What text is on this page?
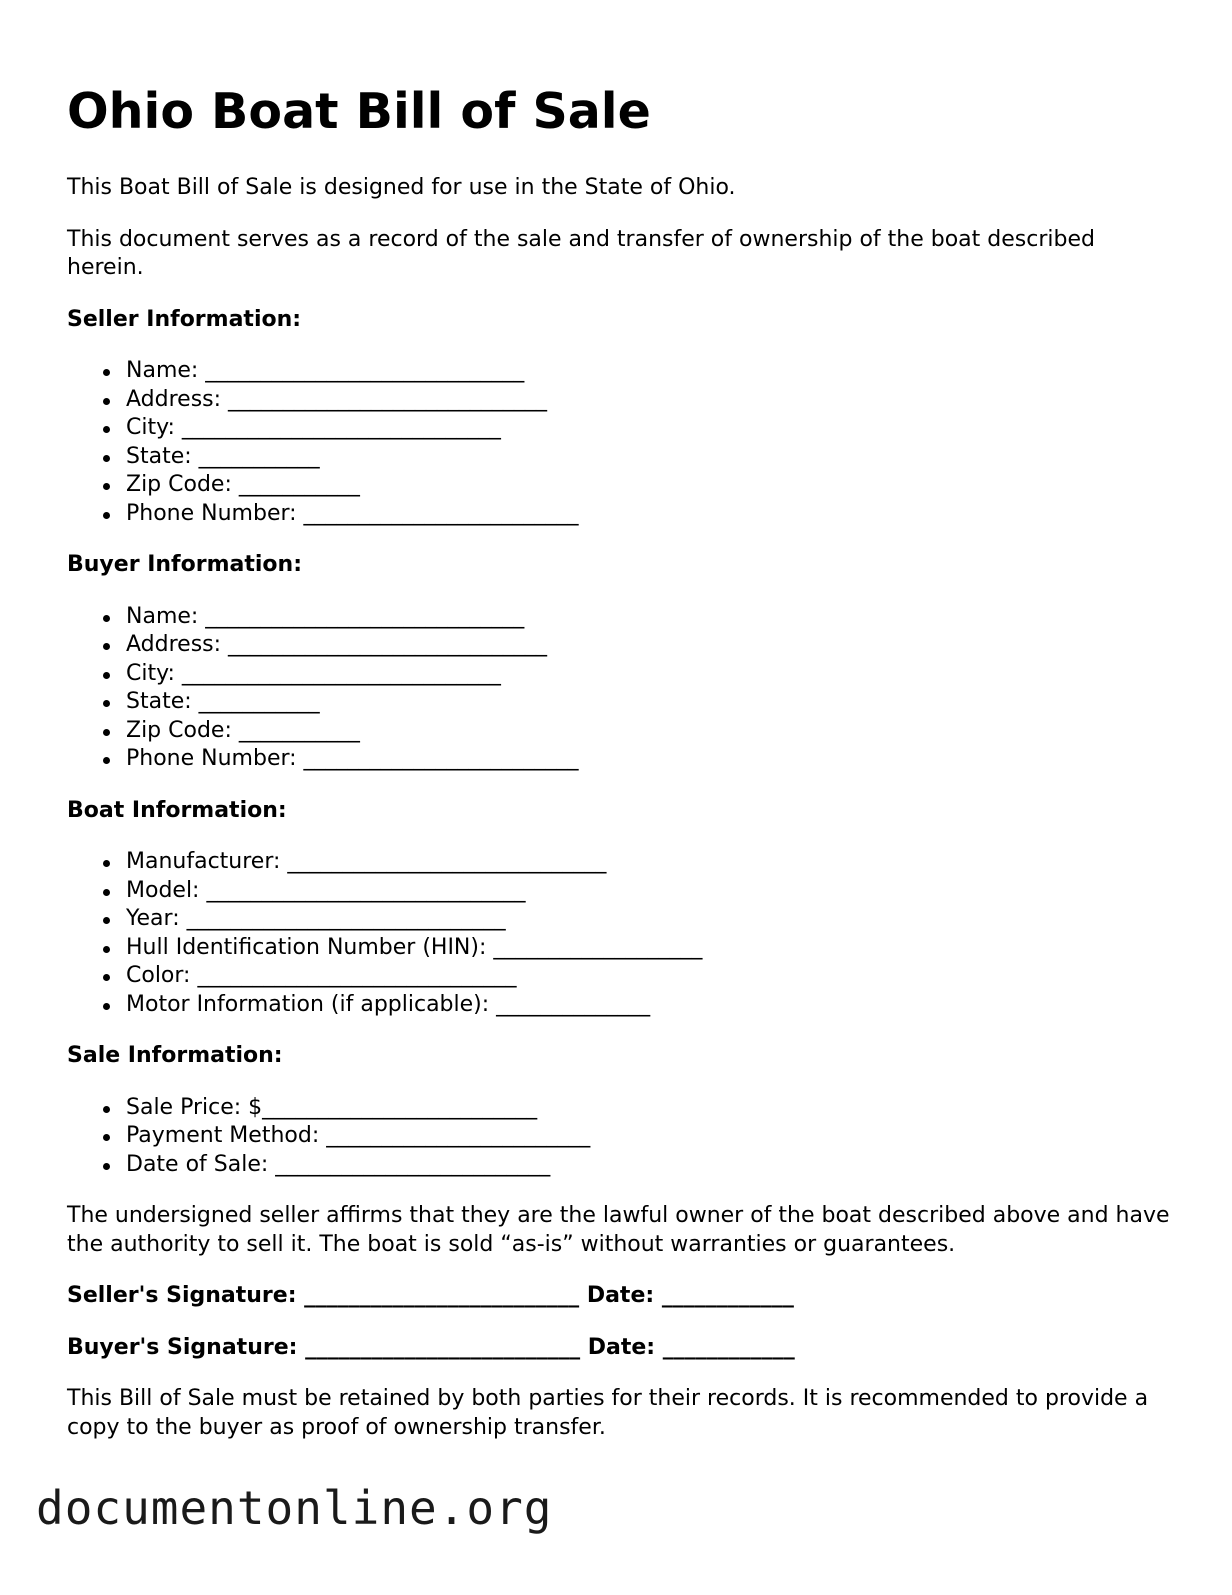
Ohio Boat Bill of Sale

This Boat Bill of Sale is designed for use in the State of Ohio.

This document serves as a record of the sale and transfer of ownership of the boat described herein.

Seller Information:
Name: _____________________________
Address: _____________________________
City: _____________________________
State: ___________
Zip Code: ___________
Phone Number: _________________________
Buyer Information:
Name: _____________________________
Address: _____________________________
City: _____________________________
State: ___________
Zip Code: ___________
Phone Number: _________________________
Boat Information:
Manufacturer: _____________________________
Model: _____________________________
Year: _____________________________
Hull Identification Number (HIN): ___________________
Color: _____________________________
Motor Information (if applicable): ______________
Sale Information:
Sale Price: $_________________________
Payment Method: ________________________
Date of Sale: _________________________

The undersigned seller affirms that they are the lawful owner of the boat described above and have the authority to sell it. The boat is sold “as-is” without warranties or guarantees.

Seller's Signature: _________________________ Date: ____________
Buyer's Signature: _________________________ Date: ____________

This Bill of Sale must be retained by both parties for their records. It is recommended to provide a copy to the buyer as proof of ownership transfer.

documentonline.org
